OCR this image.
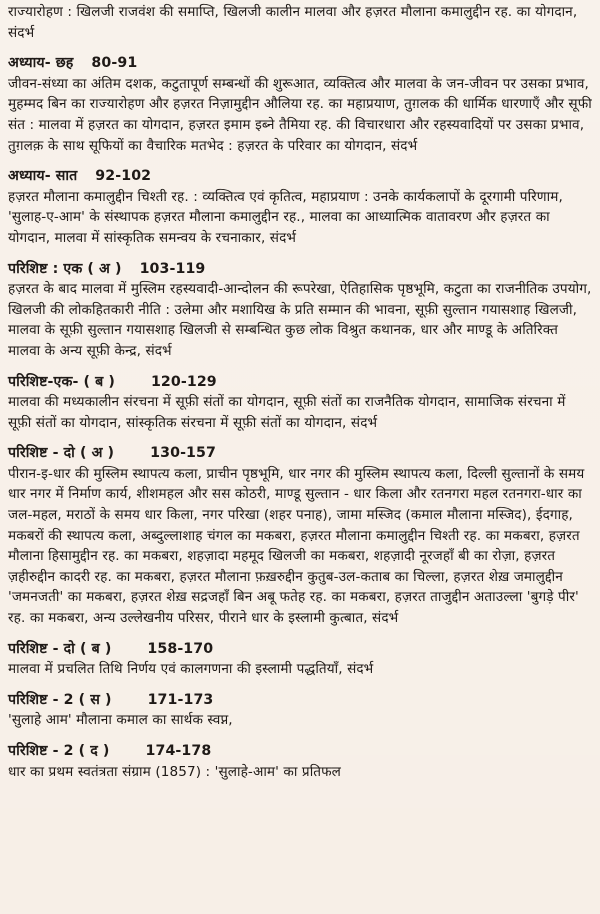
राज्यारोहण : खिलजी राजवंश की समाप्ति, खिलजी कालीन मालवा और हज़रत मौलाना कमालुद्दीन रह. का योगदान, संदर्भ

अध्याय- छह 80-91

जीवन-संध्या का अंतिम दशक, कटुतापूर्ण सम्बन्धों की शुरूआत, व्यक्तित्व और मालवा के जन-जीवन पर उसका प्रभाव, मुहम्मद बिन का राज्यारोहण और हज़रत निज़ामुद्दीन औलिया रह. का महाप्रयाण, तुग़लक की धार्मिक धारणाएँ और सूफी संत : मालवा में हज़रत का योगदान, हज़रत इमाम इब्ने तैमिया रह. की विचारधारा और रहस्यवादियों पर उसका प्रभाव, तुग़लक़ के साथ सूफियों का वैचारिक मतभेद : हज़रत के परिवार का योगदान, संदर्भ

अध्याय- सात 92-102

हज़रत मौलाना कमालुद्दीन चिश्ती रह. : व्यक्तित्व एवं कृतित्व, महाप्रयाण : उनके कार्यकलापों के दूरगामी परिणाम, 'सुलाह-ए-आम' के संस्थापक हज़रत मौलाना कमालुद्दीन रह., मालवा का आध्यात्मिक वातावरण और हज़रत का योगदान, मालवा में सांस्कृतिक समन्वय के रचनाकार, संदर्भ

परिशिष्ट : एक ( अ ) 103-119

हज़रत के बाद मालवा में मुस्लिम रहस्यवादी-आन्दोलन की रूपरेखा, ऐतिहासिक पृष्ठभूमि, कटुता का राजनीतिक उपयोग, खिलजी की लोकहितकारी नीति : उलेमा और मशायिख के प्रति सम्मान की भावना, सूफ़ी सुल्तान गयासशाह खिलजी, मालवा के सूफ़ी सुल्तान गयासशाह खिलजी से सम्बन्धित कुछ लोक विश्रुत कथानक, धार और माण्डू के अतिरिक्त मालवा के अन्य सूफ़ी केन्द्र, संदर्भ

परिशिष्ट-एक- ( ब )	120-129

मालवा की मध्यकालीन संरचना में सूफ़ी संतों का योगदान, सूफ़ी संतों का राजनैतिक योगदान, सामाजिक संरचना में सूफ़ी संतों का योगदान, सांस्कृतिक संरचना में सूफ़ी संतों का योगदान, संदर्भ

परिशिष्ट - दो ( अ )	130-157

पीरान-इ-धार की मुस्लिम स्थापत्य कला, प्राचीन पृष्ठभूमि, धार नगर की मुस्लिम स्थापत्य कला, दिल्ली सुल्तानों के समय धार नगर में निर्माण कार्य, शीशमहल और सस कोठरी, माण्डू सुल्तान - धार किला और रतनगरा महल रतनगरा-धार का जल-महल, मराठों के समय धार किला, नगर परिखा (शहर पनाह), जामा मस्जिद (कमाल मौलाना मस्जिद), ईदगाह, मकबरों की स्थापत्य कला, अब्दुल्लाशाह चंगल का मकबरा, हज़रत मौलाना कमालुद्दीन चिश्ती रह. का मकबरा, हज़रत मौलाना हिसामुद्दीन रह. का मकबरा, शहज़ादा महमूद खिलजी का मकबरा, शहज़ादी नूरजहाँ बी का रोज़ा, हज़रत ज़हीरुद्दीन कादरी रह. का मकबरा, हज़रत मौलाना फ़ख़रुद्दीन कुतुब-उल-कताब का चिल्ला, हज़रत शेख़ जमालुद्दीन 'जमनजती' का मकबरा, हज़रत शेख़ सद्रजहाँ बिन अबू फतेह रह. का मकबरा, हज़रत ताजुद्दीन अताउल्ला 'बुगड़े पीर' रह. का मकबरा, अन्य उल्लेखनीय परिसर, पीराने धार के इस्लामी कुत्बात, संदर्भ

परिशिष्ट - दो ( ब )	158-170

मालवा में प्रचलित तिथि निर्णय एवं कालगणना की इस्लामी पद्धतियाँ, संदर्भ

परिशिष्ट - 2 ( स )	171-173

'सुलाहे आम' मौलाना कमाल का सार्थक स्वप्न,

परिशिष्ट - 2 ( द )	174-178

धार का प्रथम स्वतंत्रता संग्राम (1857) : 'सुलाहे-आम' का प्रतिफल
